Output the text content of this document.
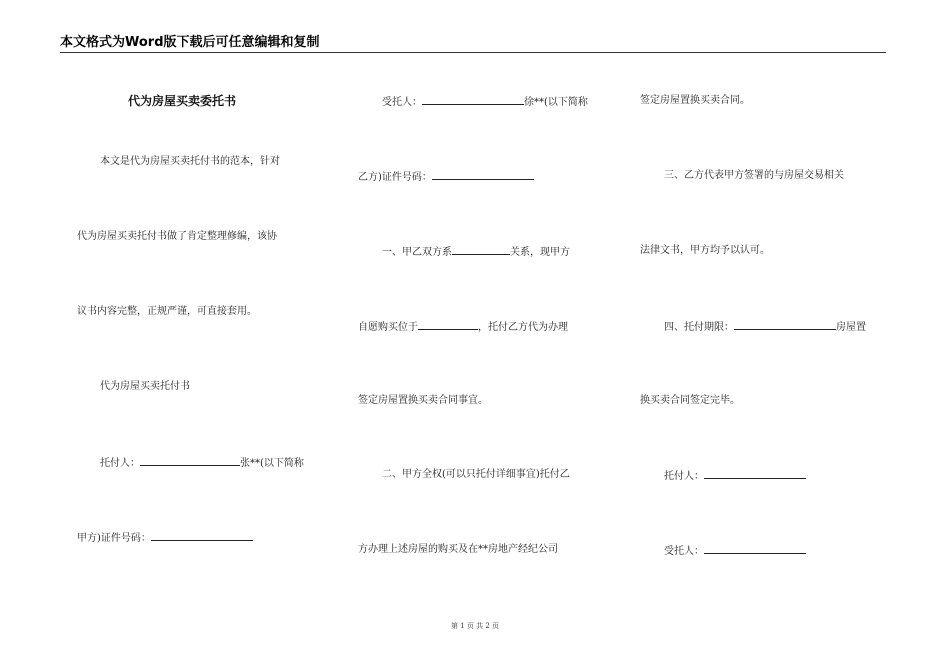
本文格式为Word版下载后可任意编辑和复制
代为房屋买卖委托书
本文是代为房屋买卖托付书的范本，针对
代为房屋买卖托付书做了肯定整理修编，该协
议书内容完整，正规严谨，可直接套用。
代为房屋买卖托付书
托付人：	张**(以下简称
甲方)证件号码：
受托人：	徐**(以下简称
乙方)证件号码：
一、甲乙双方系	关系，现甲方
自愿购买位于	，托付乙方代为办理
签定房屋置换买卖合同事宜。
二、甲方全权(可以只托付详细事宜)托付乙
方办理上述房屋的购买及在**房地产经纪公司
签定房屋置换买卖合同。
三、乙方代表甲方签署的与房屋交易相关
法律文书，甲方均予以认可。
四、托付期限：	房屋置
换买卖合同签定完毕。
托付人：
受托人：
第 1 页 共 2 页
